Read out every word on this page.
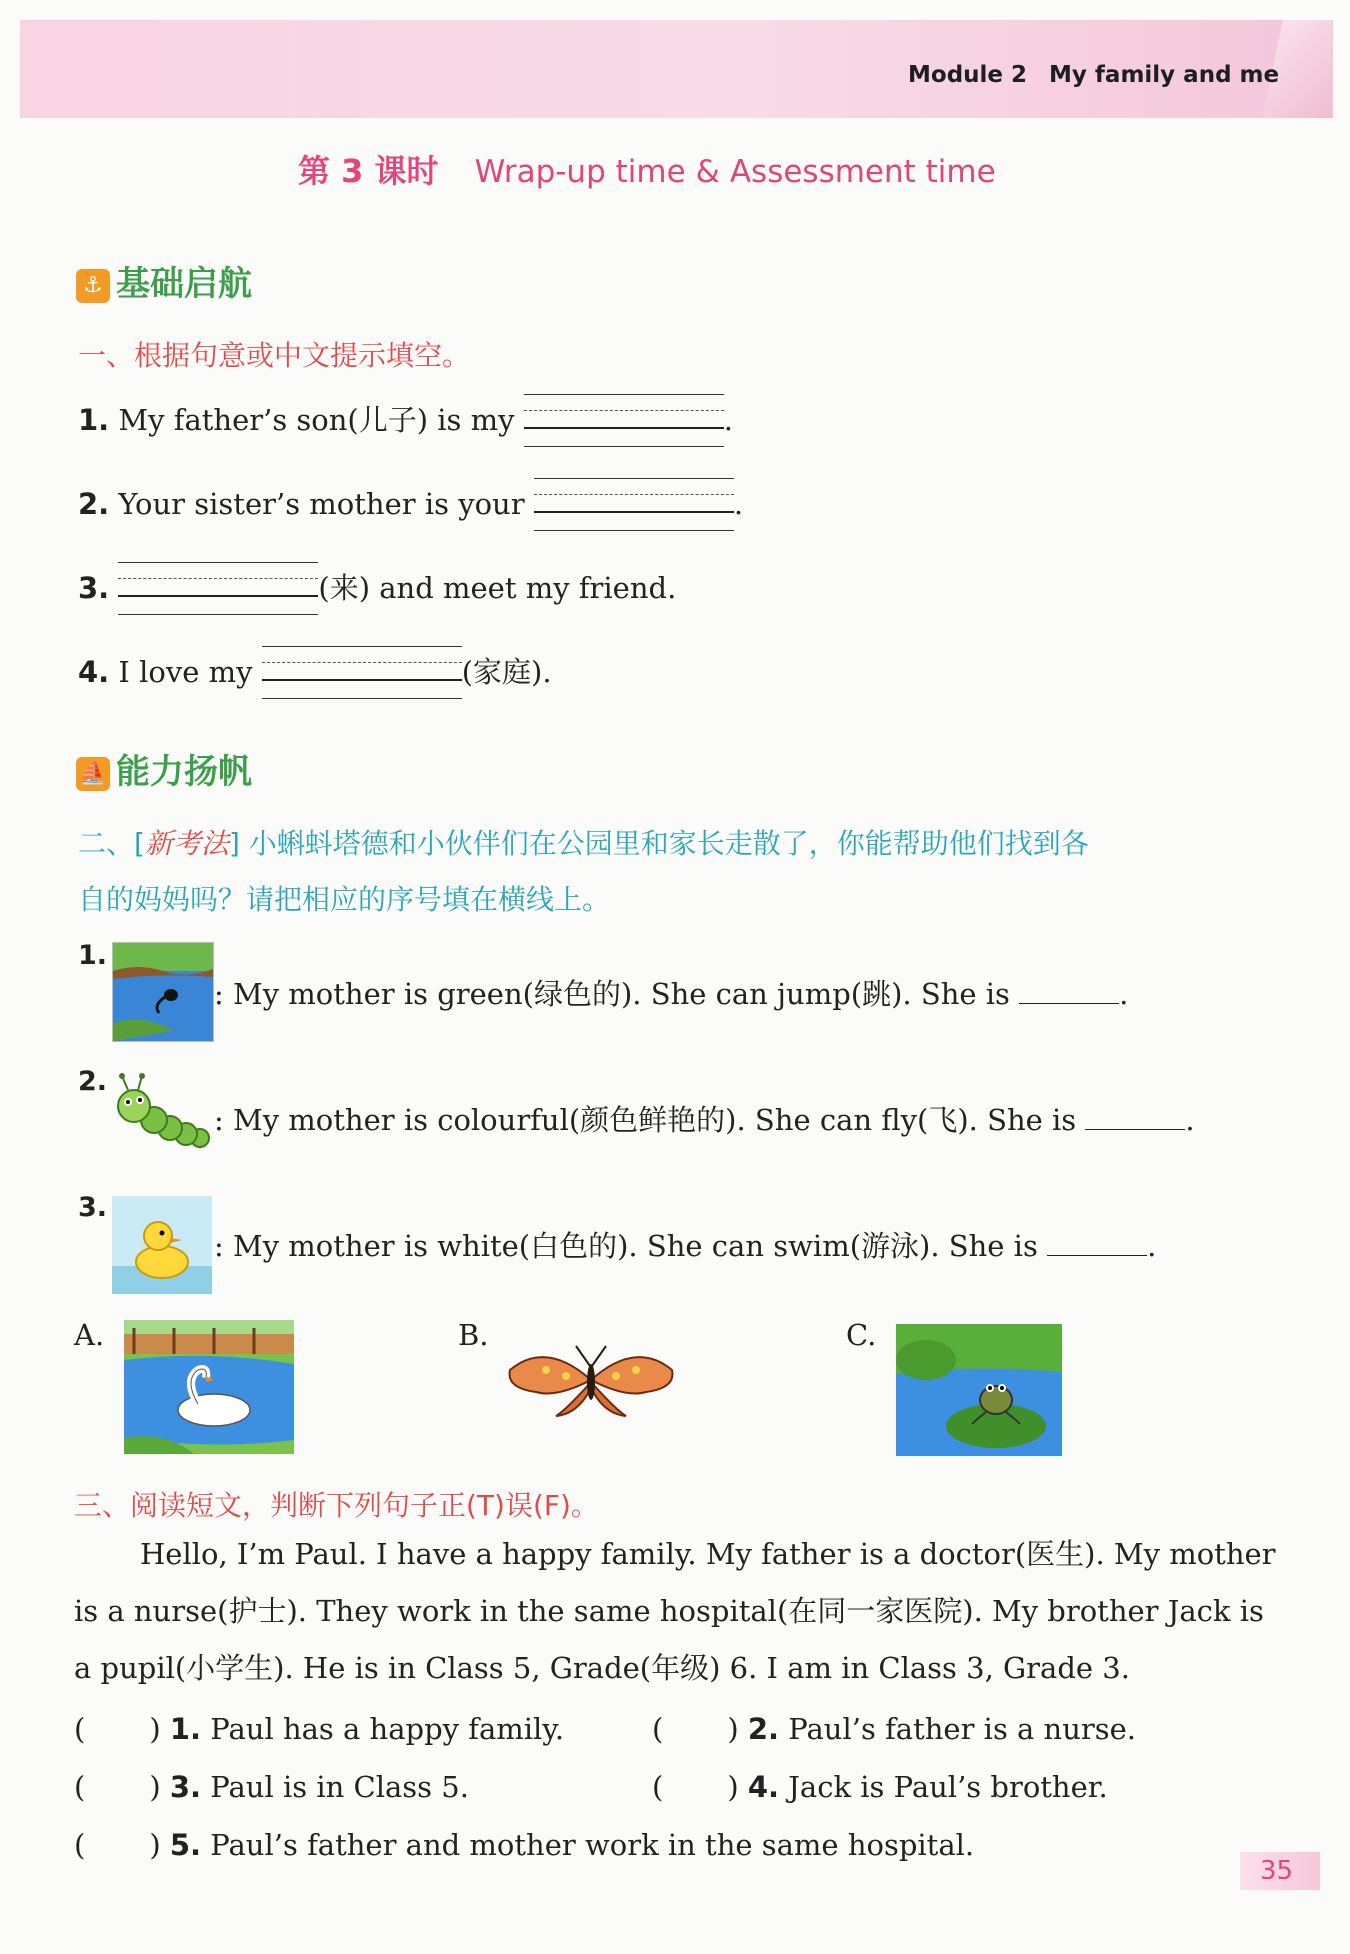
Module 2 My family and me
第 3 课时 Wrap-up time & Assessment time
⚓ 基础启航
一、根据句意或中文提示填空。
1. My father’s son(儿子) is my	.
2. Your sister’s mother is your	.
3.	(来) and meet my friend.
4. I love my	(家庭).
⛵ 能力扬帆
二、[新考法] 小蝌蚪塔德和小伙伴们在公园里和家长走散了，你能帮助他们找到各
自的妈妈吗？请把相应的序号填在横线上。
1.
: My mother is green(绿色的). She can jump(跳). She is	.
2.
: My mother is colourful(颜色鲜艳的). She can fly(飞). She is	.
3.
: My mother is white(白色的). She can swim(游泳). She is	.
A.	B.	C.
三、阅读短文，判断下列句子正(T)误(F)。
Hello, I’m Paul. I have a happy family. My father is a doctor(医生). My mother
is a nurse(护士). They work in the same hospital(在同一家医院). My brother Jack is
a pupil(小学生). He is in Class 5, Grade(年级) 6. I am in Class 3, Grade 3.
( ) 1. Paul has a happy family.	( ) 2. Paul’s father is a nurse.
( ) 3. Paul is in Class 5.	( ) 4. Jack is Paul’s brother.
( ) 5. Paul’s father and mother work in the same hospital.
35
